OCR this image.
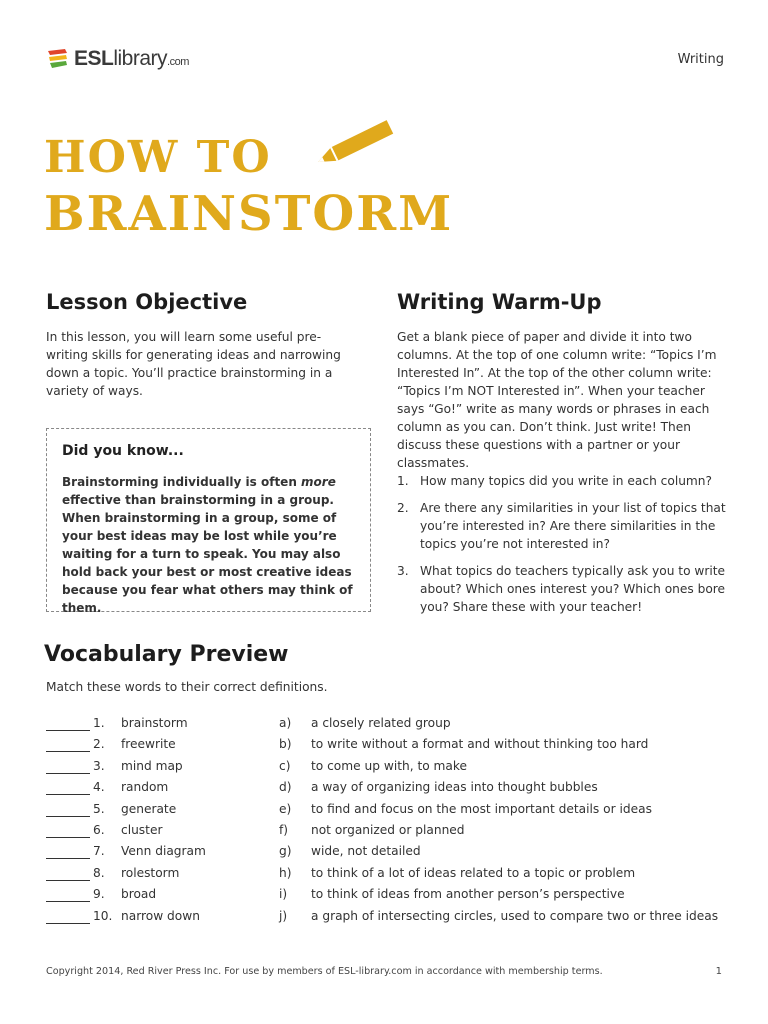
ESLlibrary.com	Writing
HOW TO
BRAINSTORM
Lesson Objective
In this lesson, you will learn some useful pre-writing skills for generating ideas and narrowing down a topic. You’ll practice brainstorming in a variety of ways.
Did you know...
Brainstorming individually is often more effective than brainstorming in a group. When brainstorming in a group, some of your best ideas may be lost while you’re waiting for a turn to speak. You may also hold back your best or most creative ideas because you fear what others may think of them.
Writing Warm-Up
Get a blank piece of paper and divide it into two columns. At the top of one column write: “Topics I’m Interested In”. At the top of the other column write: “Topics I’m NOT Interested in”. When your teacher says “Go!” write as many words or phrases in each column as you can. Don’t think. Just write! Then discuss these questions with a partner or your classmates.
1. How many topics did you write in each column?
2. Are there any similarities in your list of topics that you’re interested in? Are there similarities in the topics you’re not interested in?
3. What topics do teachers typically ask you to write about? Which ones interest you? Which ones bore you? Share these with your teacher!
Vocabulary Preview
Match these words to their correct definitions.
1. brainstorm	a) a closely related group
2. freewrite	b) to write without a format and without thinking too hard
3. mind map	c) to come up with, to make
4. random	d) a way of organizing ideas into thought bubbles
5. generate	e) to find and focus on the most important details or ideas
6. cluster	f) not organized or planned
7. Venn diagram	g) wide, not detailed
8. rolestorm	h) to think of a lot of ideas related to a topic or problem
9. broad	i) to think of ideas from another person’s perspective
10. narrow down	j) a graph of intersecting circles, used to compare two or three ideas
Copyright 2014, Red River Press Inc. For use by members of ESL-library.com in accordance with membership terms.	1
